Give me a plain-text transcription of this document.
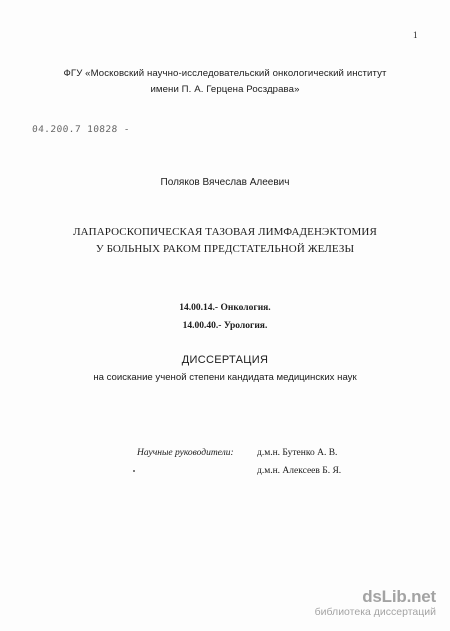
1
ФГУ «Московский научно-исследовательский онкологический институт
имени П. А. Герцена Росздрава»
04.200.7 10828 -
Поляков Вячеслав Алеевич
ЛАПАРОСКОПИЧЕСКАЯ ТАЗОВАЯ ЛИМФАДЕНЭКТОМИЯ
У БОЛЬНЫХ РАКОМ ПРЕДСТАТЕЛЬНОЙ ЖЕЛЕЗЫ
14.00.14.- Онкология.
14.00.40.- Урология.
ДИССЕРТАЦИЯ
на соискание ученой степени кандидата медицинских наук
Научные руководители: д.м.н. Бутенко А. В.
д.м.н. Алексеев Б. Я.
dsLib.net
библиотека диссертаций
